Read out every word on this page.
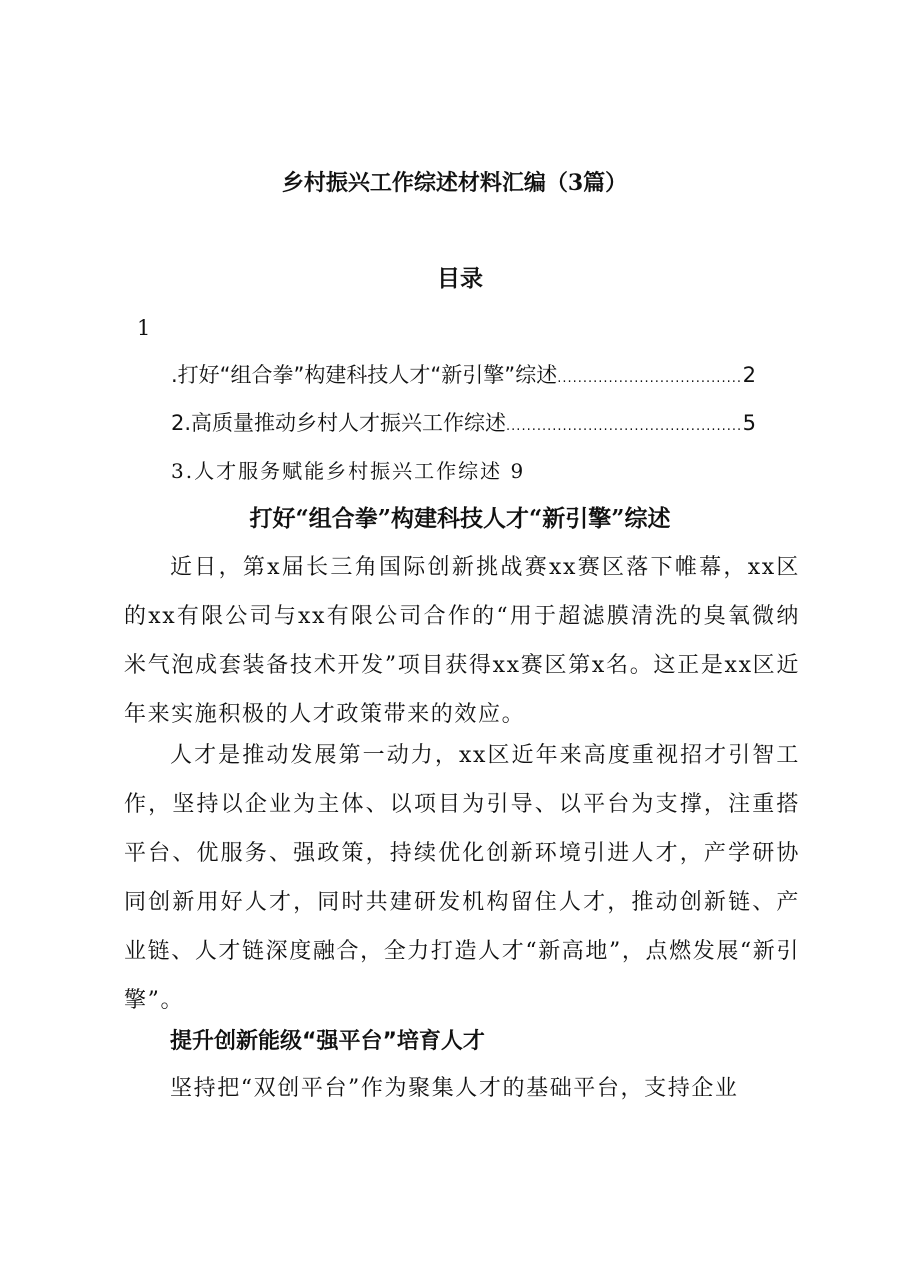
乡村振兴工作综述材料汇编（3篇）
目录
1
.打好“组合拳”构建科技人才“新引擎”综述 .....	2
2.高质量推动乡村人才振兴工作综述 .....	5
3.人才服务赋能乡村振兴工作综述 9
打好“组合拳”构建科技人才“新引擎”综述

近日，第x届长三角国际创新挑战赛xx赛区落下帷幕，xx区的xx有限公司与xx有限公司合作的“用于超滤膜清洗的臭氧微纳米气泡成套装备技术开发”项目获得xx赛区第x名。这正是xx区近年来实施积极的人才政策带来的效应。

人才是推动发展第一动力，xx区近年来高度重视招才引智工作，坚持以企业为主体、以项目为引导、以平台为支撑，注重搭平台、优服务、强政策，持续优化创新环境引进人才，产学研协同创新用好人才，同时共建研发机构留住人才，推动创新链、产业链、人才链深度融合，全力打造人才“新高地”，点燃发展“新引擎”。

提升创新能级“强平台”培育人才

坚持把“双创平台”作为聚集人才的基础平台，支持企业
